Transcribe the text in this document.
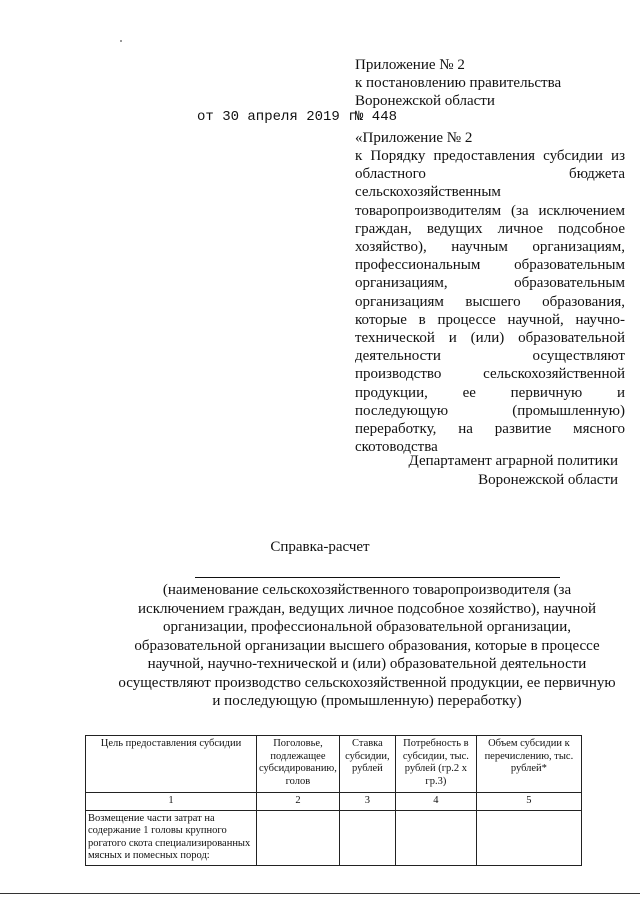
Приложение № 2
к постановлению правительства
Воронежской области

«Приложение № 2
к Порядку предоставления субсидии из
областного бюджета
сельскохозяйственным
товаропроизводителям (за исключением
граждан, ведущих личное подсобное
хозяйство), научным организациям,
профессиональным образовательным
организациям, образовательным
организациям высшего образования,
которые в процессе научной, научно-
технической и (или) образовательной
деятельности осуществляют
производство сельскохозяйственной
продукции, ее первичную и
последующую (промышленную)
переработку, на развитие мясного
скотоводства
от 30 апреля 2019 г.
№ 448
Департамент аграрной политики
Воронежской области
Справка-расчет
(наименование сельскохозяйственного товаропроизводителя (за
исключением граждан, ведущих личное подсобное хозяйство), научной
организации, профессиональной образовательной организации,
образовательной организации высшего образования, которые в процессе
научной, научно-технической и (или) образовательной деятельности
осуществляют производство сельскохозяйственной продукции, ее первичную
и последующую (промышленную) переработку)
Цель предоставления субсидии	Поголовье, подлежащее субсидированию, голов	Ставка субсидии, рублей	Потребность в субсидии, тыс. рублей (гр.2 х гр.3)	Объем субсидии к перечислению, тыс. рублей*
1	2	3	4	5
Возмещение части затрат на содержание 1 головы крупного рогатого скота специализированных мясных и помесных пород:				
